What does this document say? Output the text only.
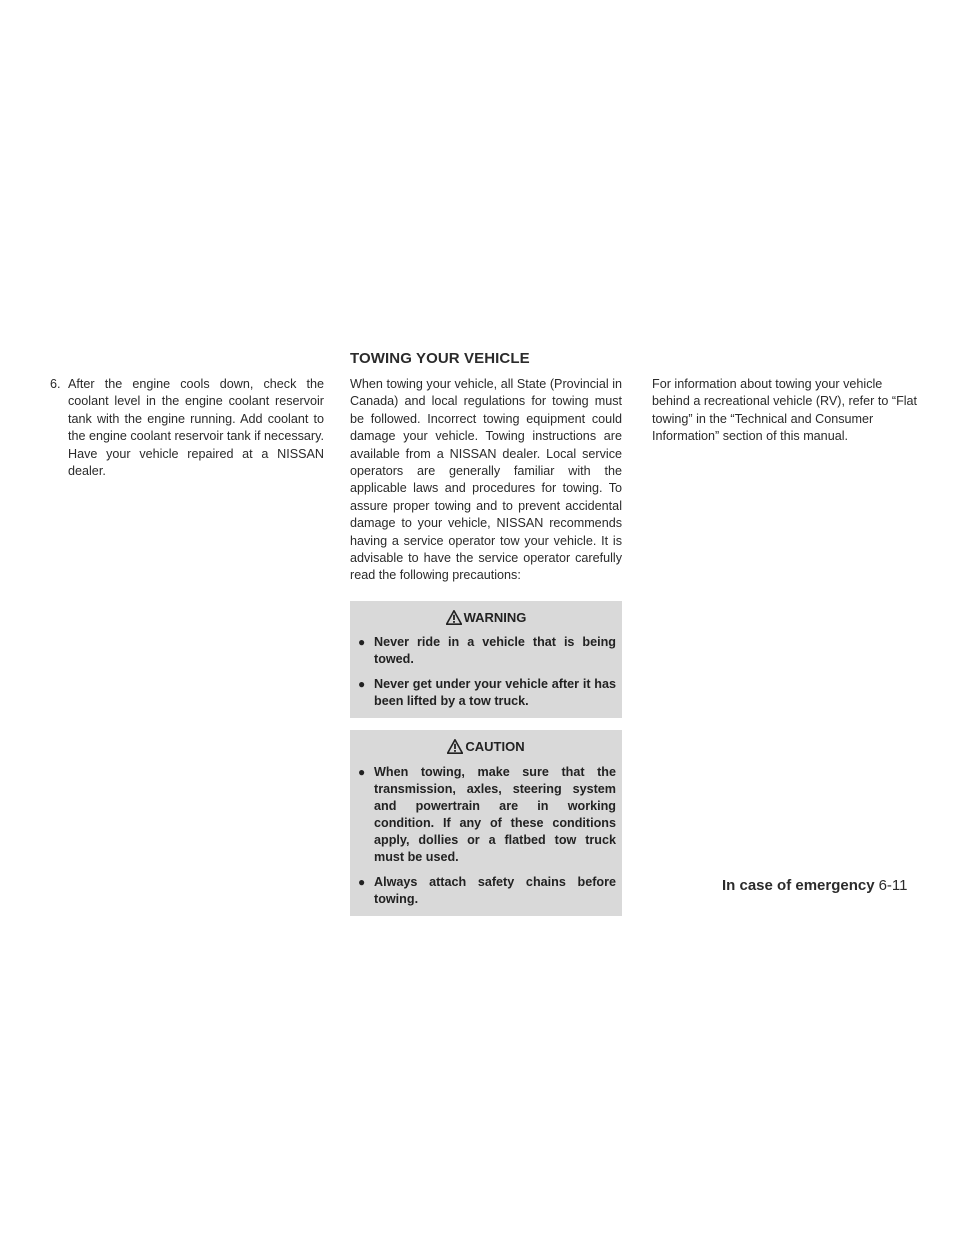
TOWING YOUR VEHICLE
6. After the engine cools down, check the coolant level in the engine coolant reservoir tank with the engine running. Add coolant to the engine coolant reservoir tank if necessary. Have your vehicle repaired at a NISSAN dealer.

When towing your vehicle, all State (Provincial in Canada) and local regulations for towing must be followed. Incorrect towing equipment could damage your vehicle. Towing instructions are available from a NISSAN dealer. Local service operators are generally familiar with the applicable laws and procedures for towing. To assure proper towing and to prevent accidental damage to your vehicle, NISSAN recommends having a service operator tow your vehicle. It is advisable to have the service operator carefully read the following precautions:

WARNING
● Never ride in a vehicle that is being towed.
● Never get under your vehicle after it has been lifted by a tow truck.
CAUTION
● When towing, make sure that the transmission, axles, steering system and powertrain are in working condition. If any of these conditions apply, dollies or a flatbed tow truck must be used.
● Always attach safety chains before towing.

For information about towing your vehicle behind a recreational vehicle (RV), refer to “Flat towing” in the “Technical and Consumer Information” section of this manual.

In case of emergency 6-11
